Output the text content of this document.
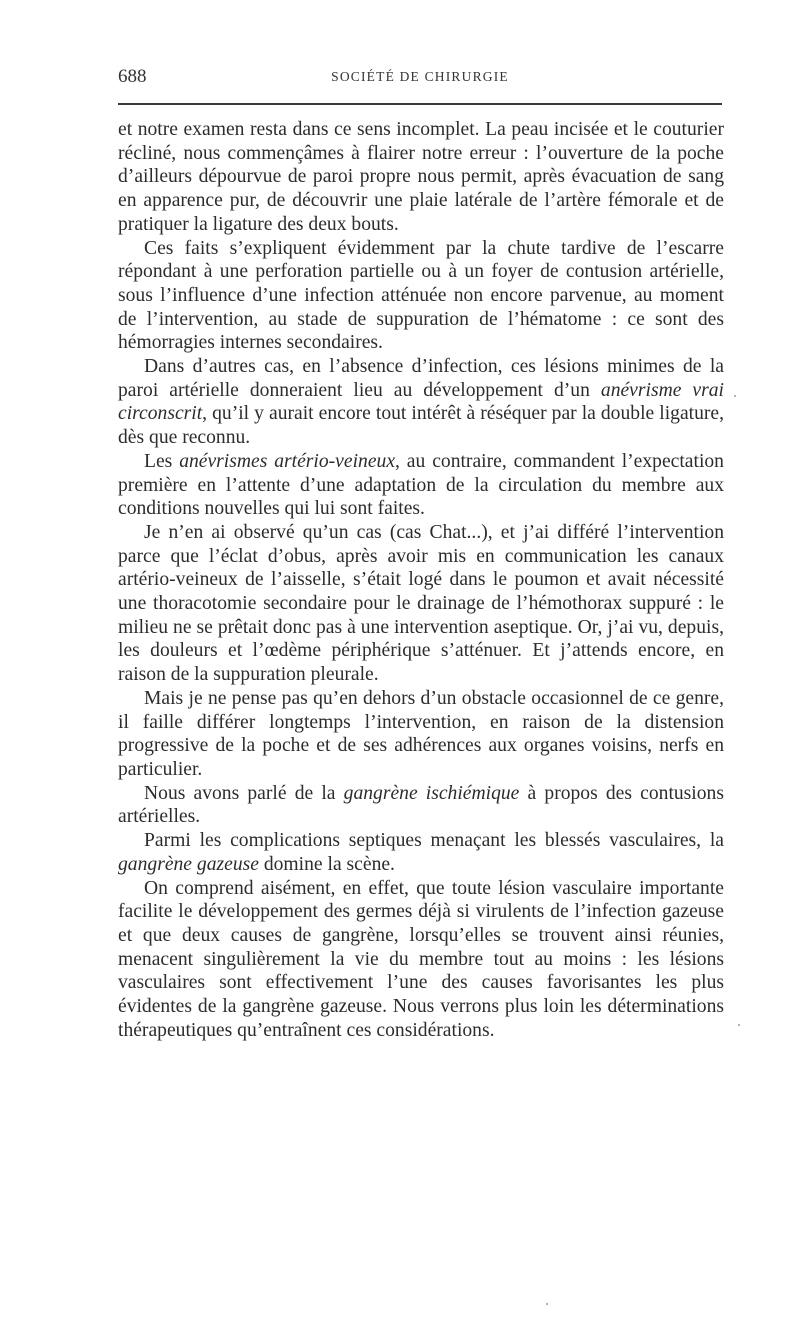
688	SOCIÉTÉ DE CHIRURGIE

et notre examen resta dans ce sens incomplet. La peau incisée et le couturier récliné, nous commençâmes à flairer notre erreur : l’ouverture de la poche d’ailleurs dépourvue de paroi propre nous permit, après évacuation de sang en apparence pur, de découvrir une plaie latérale de l’artère fémorale et de pratiquer la ligature des deux bouts.

Ces faits s’expliquent évidemment par la chute tardive de l’escarre répondant à une perforation partielle ou à un foyer de contusion artérielle, sous l’influence d’une infection atténuée non encore parvenue, au moment de l’intervention, au stade de suppuration de l’hématome : ce sont des hémorragies internes secondaires.

Dans d’autres cas, en l’absence d’infection, ces lésions minimes de la paroi artérielle donneraient lieu au développement d’un anévrisme vrai circonscrit, qu’il y aurait encore tout intérêt à réséquer par la double ligature, dès que reconnu.

Les anévrismes artério-veineux, au contraire, commandent l’expectation première en l’attente d’une adaptation de la circulation du membre aux conditions nouvelles qui lui sont faites.

Je n’en ai observé qu’un cas (cas Chat...), et j’ai différé l’intervention parce que l’éclat d’obus, après avoir mis en communication les canaux artério-veineux de l’aisselle, s’était logé dans le poumon et avait nécessité une thoracotomie secondaire pour le drainage de l’hémothorax suppuré : le milieu ne se prêtait donc pas à une intervention aseptique. Or, j’ai vu, depuis, les douleurs et l’œdème périphérique s’atténuer. Et j’attends encore, en raison de la suppuration pleurale.

Mais je ne pense pas qu’en dehors d’un obstacle occasionnel de ce genre, il faille différer longtemps l’intervention, en raison de la distension progressive de la poche et de ses adhérences aux organes voisins, nerfs en particulier.

Nous avons parlé de la gangrène ischiémique à propos des contusions artérielles.

Parmi les complications septiques menaçant les blessés vasculaires, la gangrène gazeuse domine la scène.

On comprend aisément, en effet, que toute lésion vasculaire importante facilite le développement des germes déjà si virulents de l’infection gazeuse et que deux causes de gangrène, lorsqu’elles se trouvent ainsi réunies, menacent singulièrement la vie du membre tout au moins : les lésions vasculaires sont effectivement l’une des causes favorisantes les plus évidentes de la gangrène gazeuse. Nous verrons plus loin les déterminations thérapeutiques qu’entraînent ces considérations.
